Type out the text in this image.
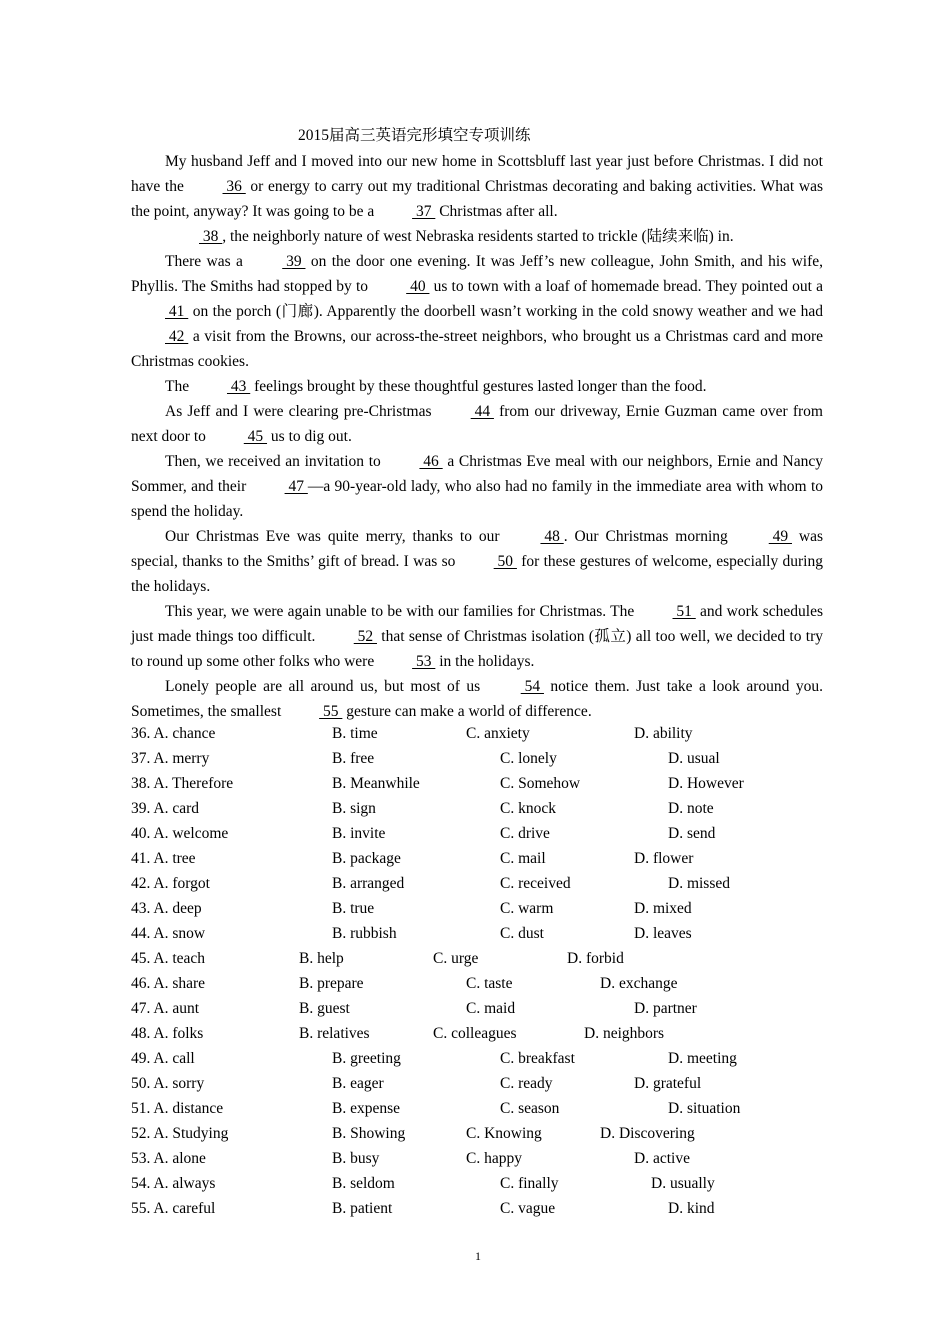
2015届高三英语完形填空专项训练

My husband Jeff and I moved into our new home in Scottsbluff last year just before Christmas. I did not have the  36  or energy to carry out my traditional Christmas decorating and baking activities. What was the point, anyway? It was going to be a  37  Christmas after all.

38 , the neighborly nature of west Nebraska residents started to trickle (陆续来临) in.

There was a  39  on the door one evening. It was Jeff’s new colleague, John Smith, and his wife, Phyllis. The Smiths had stopped by to  40  us to town with a loaf of homemade bread. They pointed out a  41  on the porch (门廊). Apparently the doorbell wasn’t working in the cold snowy weather and we had  42  a visit from the Browns, our across-the-street neighbors, who brought us a Christmas card and more Christmas cookies.

The  43  feelings brought by these thoughtful gestures lasted longer than the food.

As Jeff and I were clearing pre-Christmas  44  from our driveway, Ernie Guzman came over from next door to  45  us to dig out.

Then, we received an invitation to  46  a Christmas Eve meal with our neighbors, Ernie and Nancy Sommer, and their  47 —a 90-year-old lady, who also had no family in the immediate area with whom to spend the holiday.

Our Christmas Eve was quite merry, thanks to our  48 . Our Christmas morning  49  was special, thanks to the Smiths’ gift of bread. I was so  50  for these gestures of welcome, especially during the holidays.

This year, we were again unable to be with our families for Christmas. The  51  and work schedules just made things too difficult.  52  that sense of Christmas isolation (孤立) all too well, we decided to try to round up some other folks who were  53  in the holidays.

Lonely people are all around us, but most of us  54  notice them. Just take a look around you. Sometimes, the smallest  55  gesture can make a world of difference.

36. A. chance	B. time	C. anxiety	D. ability
37. A. merry	B. free	C. lonely	D. usual
38. A. Therefore	B. Meanwhile	C. Somehow	D. However
39. A. card	B. sign	C. knock	D. note
40. A. welcome	B. invite	C. drive	D. send
41. A. tree	B. package	C. mail	D. flower
42. A. forgot	B. arranged	C. received	D. missed
43. A. deep	B. true	C. warm	D. mixed
44. A. snow	B. rubbish	C. dust	D. leaves
45. A. teach	B. help	C. urge	D. forbid
46. A. share	B. prepare	C. taste	D. exchange
47. A. aunt	B. guest	C. maid	D. partner
48. A. folks	B. relatives	C. colleagues	D. neighbors
49. A. call	B. greeting	C. breakfast	D. meeting
50. A. sorry	B. eager	C. ready	D. grateful
51. A. distance	B. expense	C. season	D. situation
52. A. Studying	B. Showing	C. Knowing	D. Discovering
53. A. alone	B. busy	C. happy	D. active
54. A. always	B. seldom	C. finally	D. usually
55. A. careful	B. patient	C. vague	D. kind
1
